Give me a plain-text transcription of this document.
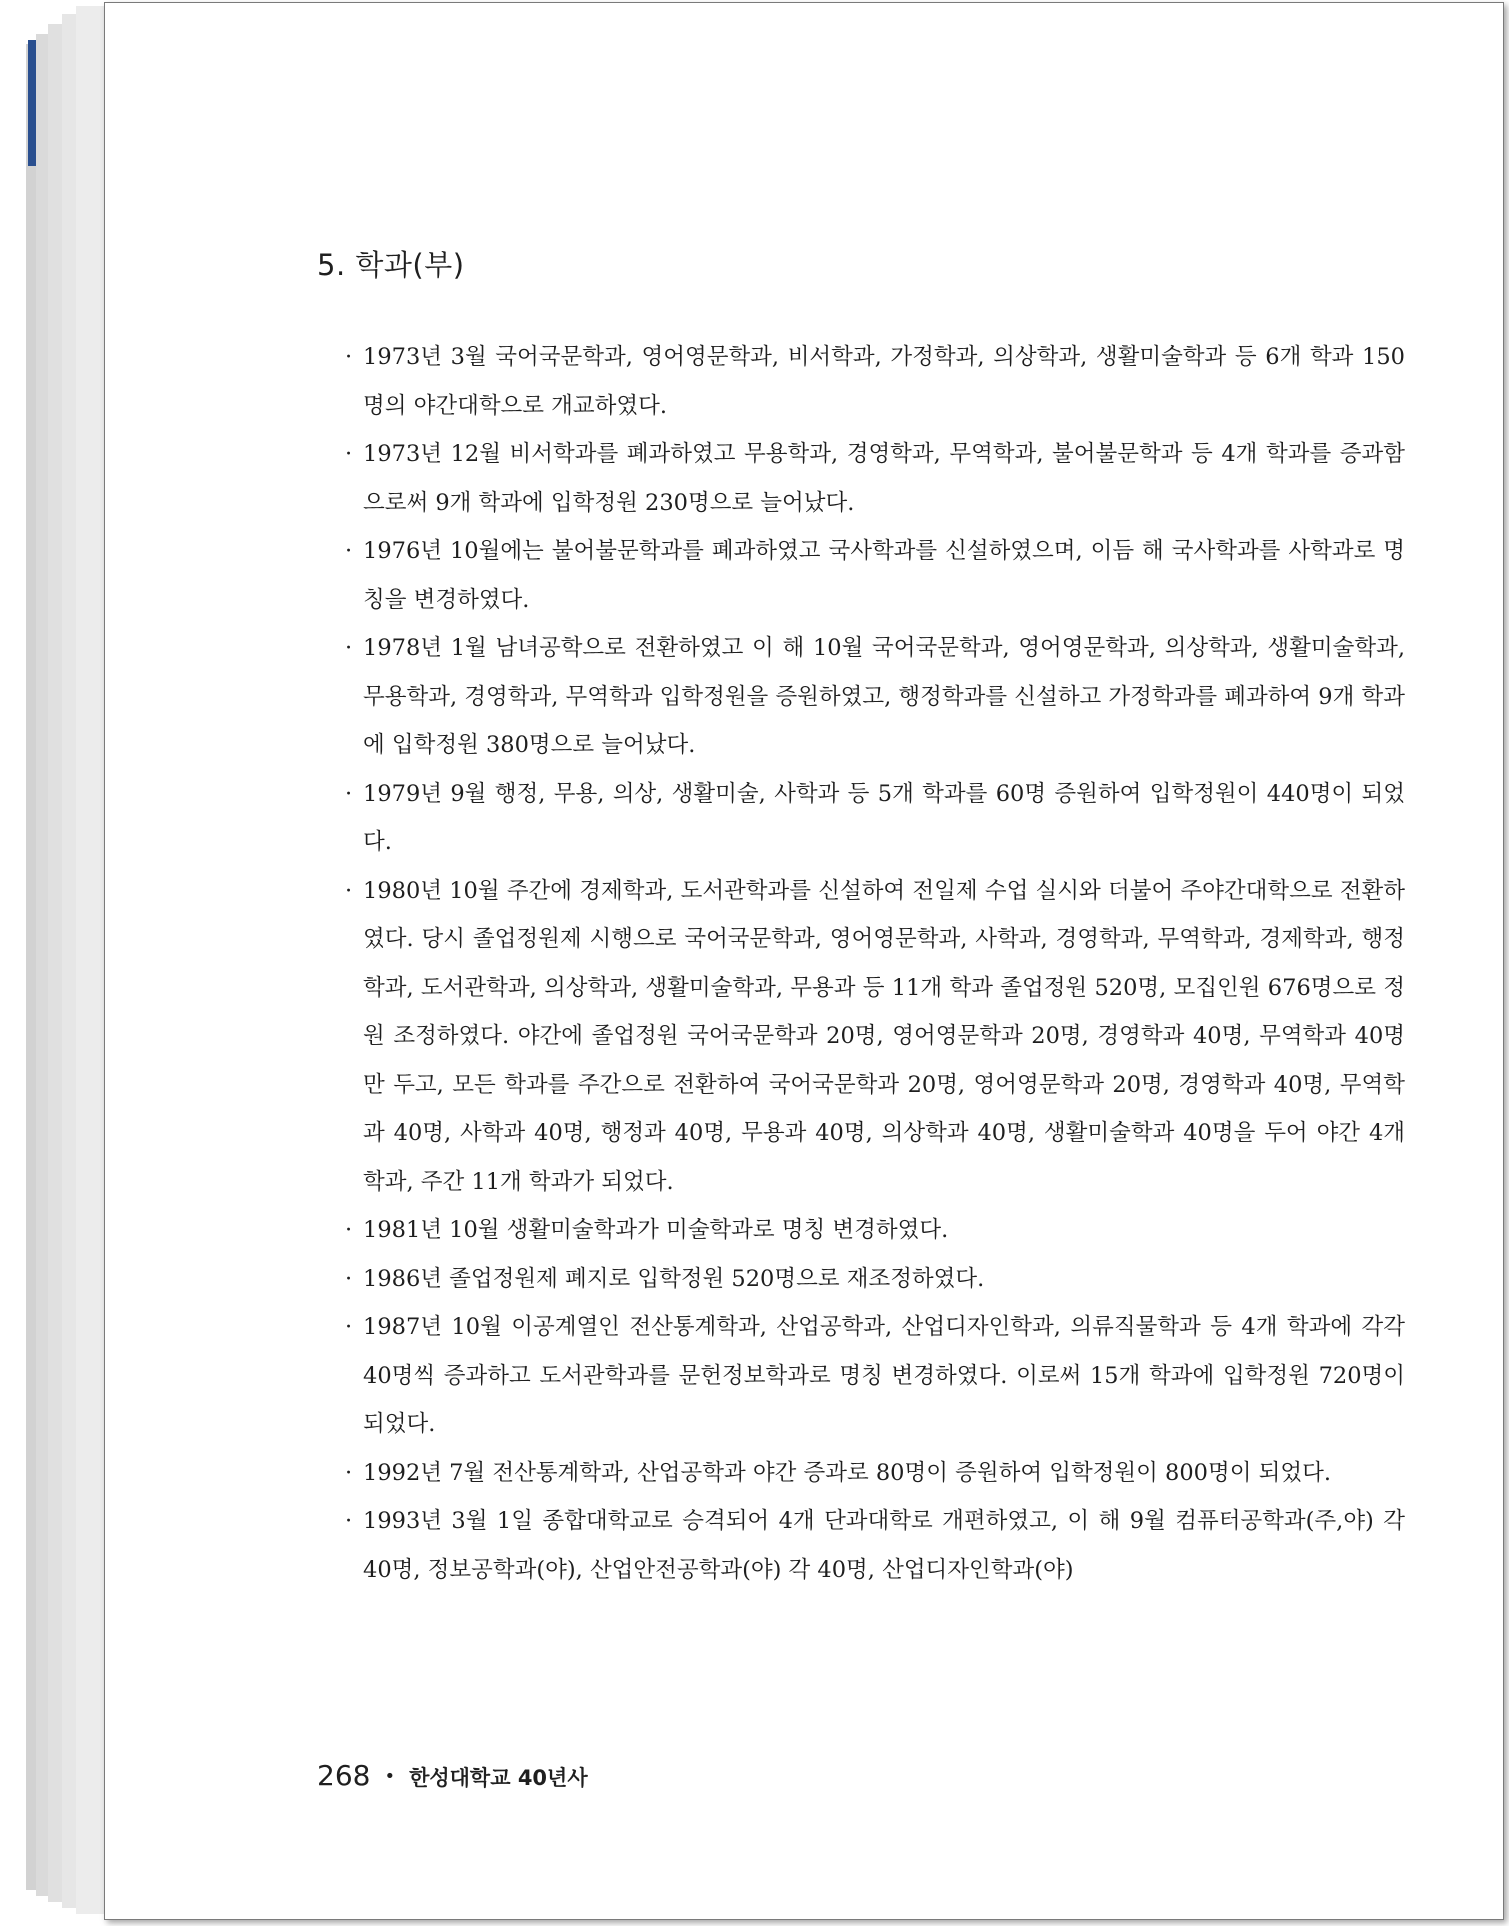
5. 학과(부)
· 1973년 3월 국어국문학과, 영어영문학과, 비서학과, 가정학과, 의상학과, 생활미술학과 등 6개 학과 150명의 야간대학으로 개교하였다.
· 1973년 12월 비서학과를 폐과하였고 무용학과, 경영학과, 무역학과, 불어불문학과 등 4개 학과를 증과함으로써 9개 학과에 입학정원 230명으로 늘어났다.
· 1976년 10월에는 불어불문학과를 폐과하였고 국사학과를 신설하였으며, 이듬 해 국사학과를 사학과로 명칭을 변경하였다.
· 1978년 1월 남녀공학으로 전환하였고 이 해 10월 국어국문학과, 영어영문학과, 의상학과, 생활미술학과, 무용학과, 경영학과, 무역학과 입학정원을 증원하였고, 행정학과를 신설하고 가정학과를 폐과하여 9개 학과에 입학정원 380명으로 늘어났다.
· 1979년 9월 행정, 무용, 의상, 생활미술, 사학과 등 5개 학과를 60명 증원하여 입학정원이 440명이 되었다.
· 1980년 10월 주간에 경제학과, 도서관학과를 신설하여 전일제 수업 실시와 더불어 주야간대학으로 전환하였다. 당시 졸업정원제 시행으로 국어국문학과, 영어영문학과, 사학과, 경영학과, 무역학과, 경제학과, 행정학과, 도서관학과, 의상학과, 생활미술학과, 무용과 등 11개 학과 졸업정원 520명, 모집인원 676명으로 정원 조정하였다. 야간에 졸업정원 국어국문학과 20명, 영어영문학과 20명, 경영학과 40명, 무역학과 40명만 두고, 모든 학과를 주간으로 전환하여 국어국문학과 20명, 영어영문학과 20명, 경영학과 40명, 무역학과 40명, 사학과 40명, 행정과 40명, 무용과 40명, 의상학과 40명, 생활미술학과 40명을 두어 야간 4개 학과, 주간 11개 학과가 되었다.
· 1981년 10월 생활미술학과가 미술학과로 명칭 변경하였다.
· 1986년 졸업정원제 폐지로 입학정원 520명으로 재조정하였다.
· 1987년 10월 이공계열인 전산통계학과, 산업공학과, 산업디자인학과, 의류직물학과 등 4개 학과에 각각 40명씩 증과하고 도서관학과를 문헌정보학과로 명칭 변경하였다. 이로써 15개 학과에 입학정원 720명이 되었다.
· 1992년 7월 전산통계학과, 산업공학과 야간 증과로 80명이 증원하여 입학정원이 800명이 되었다.
· 1993년 3월 1일 종합대학교로 승격되어 4개 단과대학로 개편하였고, 이 해 9월 컴퓨터공학과(주,야) 각 40명, 정보공학과(야), 산업안전공학과(야) 각 40명, 산업디자인학과(야)
268 • 한성대학교 40년사
